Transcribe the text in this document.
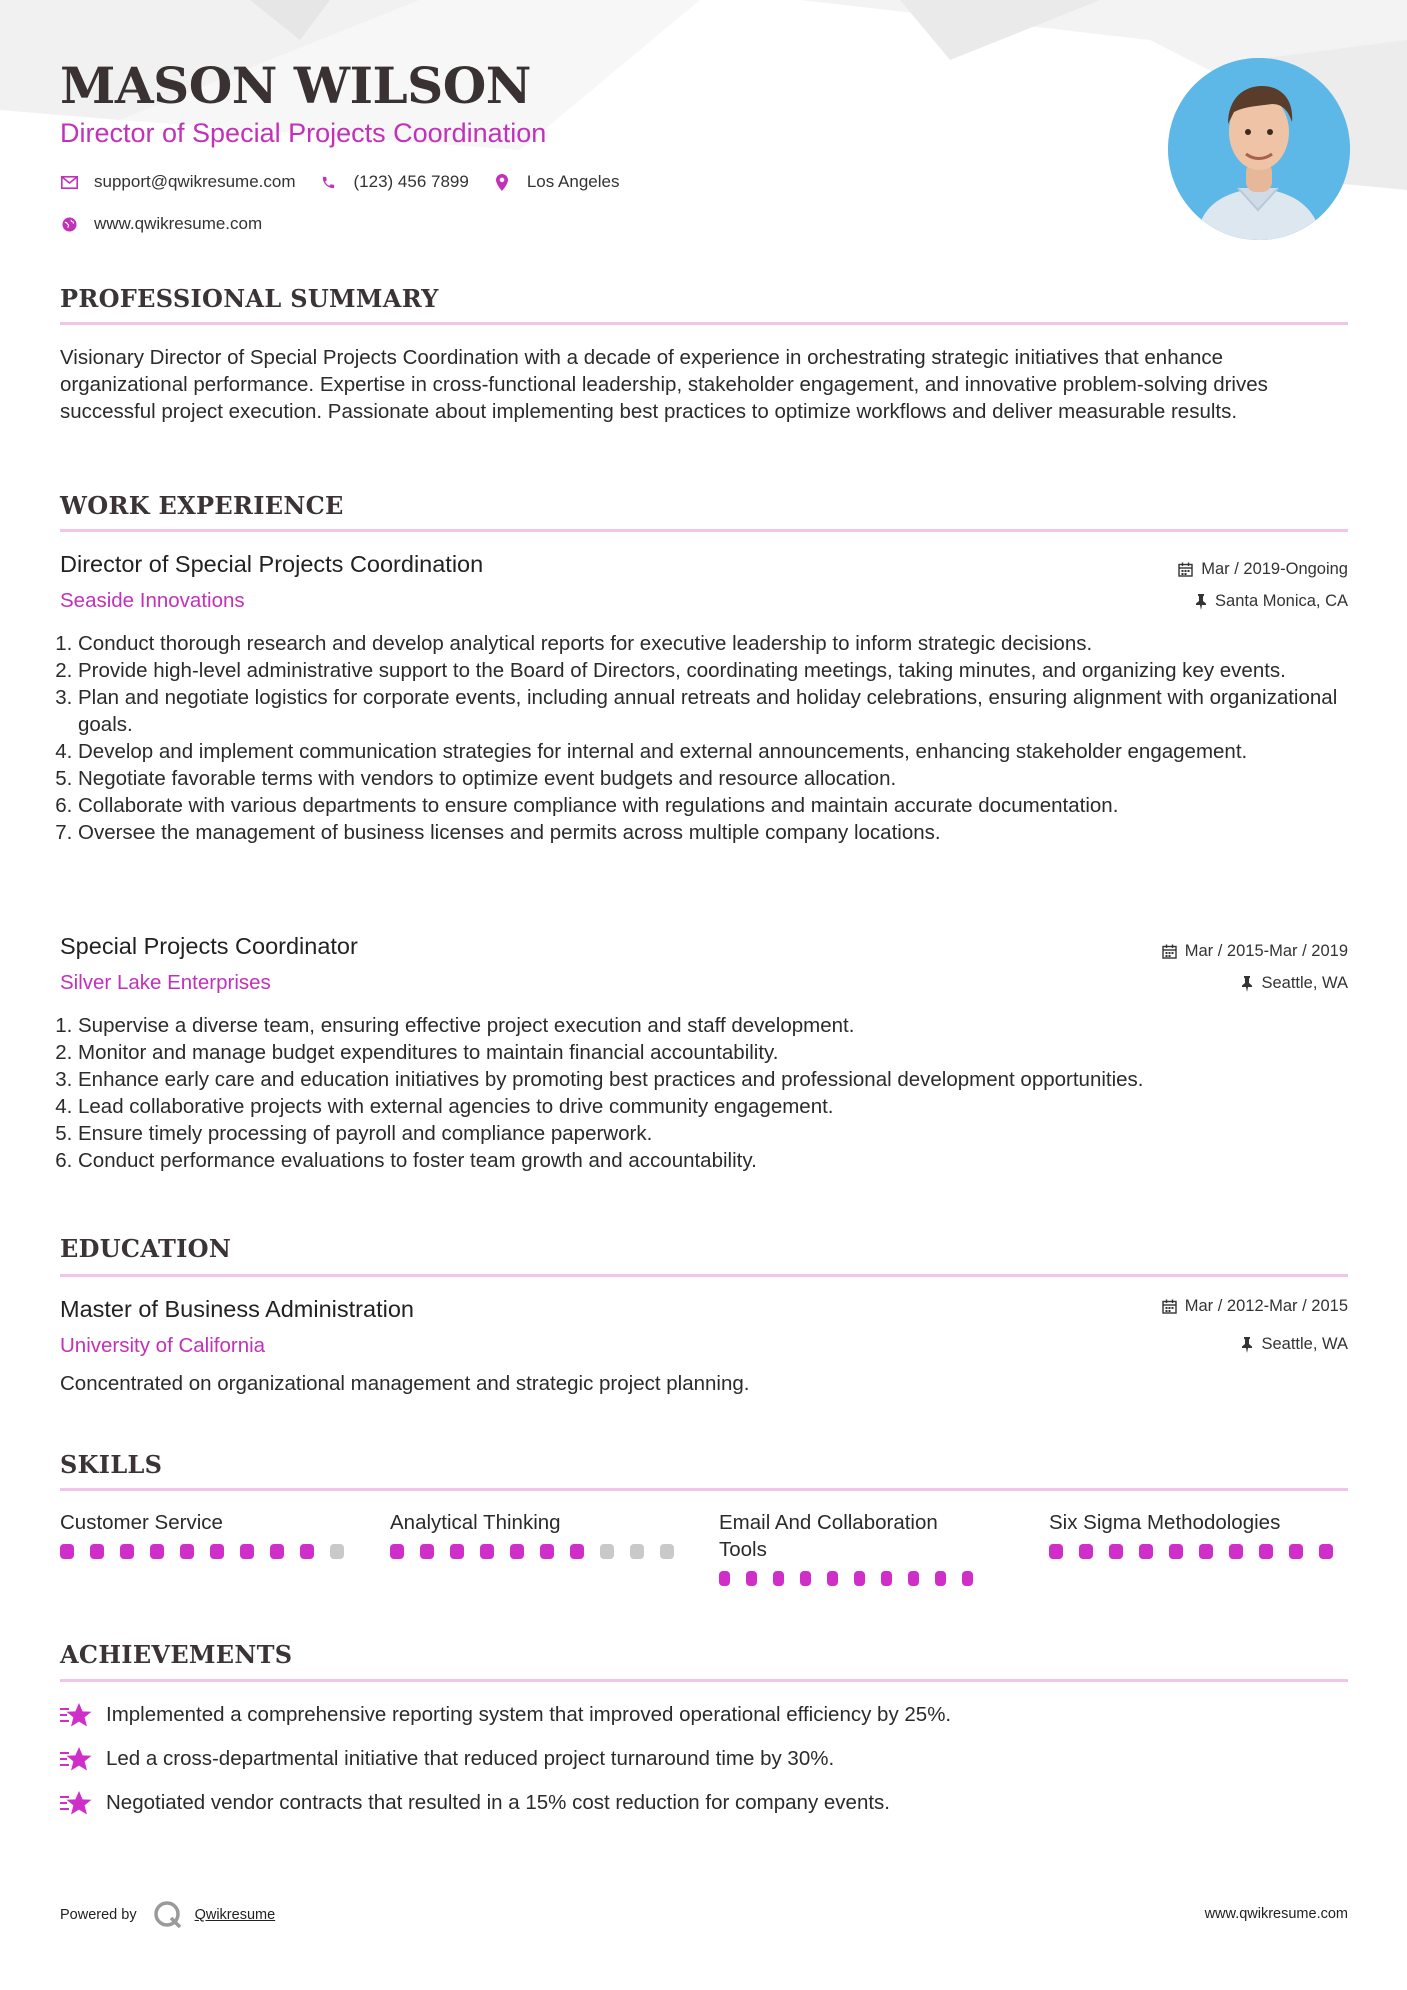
MASON WILSON
Director of Special Projects Coordination
support@qwikresume.com	(123) 456 7899	Los Angeles
www.qwikresume.com
PROFESSIONAL SUMMARY
Visionary Director of Special Projects Coordination with a decade of experience in orchestrating strategic initiatives that enhance organizational performance. Expertise in cross-functional leadership, stakeholder engagement, and innovative problem-solving drives successful project execution. Passionate about implementing best practices to optimize workflows and deliver measurable results.
WORK EXPERIENCE
Director of Special Projects Coordination	Mar / 2019-Ongoing
Seaside Innovations	Santa Monica, CA
1. Conduct thorough research and develop analytical reports for executive leadership to inform strategic decisions.
2. Provide high-level administrative support to the Board of Directors, coordinating meetings, taking minutes, and organizing key events.
3. Plan and negotiate logistics for corporate events, including annual retreats and holiday celebrations, ensuring alignment with organizational goals.
4. Develop and implement communication strategies for internal and external announcements, enhancing stakeholder engagement.
5. Negotiate favorable terms with vendors to optimize event budgets and resource allocation.
6. Collaborate with various departments to ensure compliance with regulations and maintain accurate documentation.
7. Oversee the management of business licenses and permits across multiple company locations.
Special Projects Coordinator	Mar / 2015-Mar / 2019
Silver Lake Enterprises	Seattle, WA
1. Supervise a diverse team, ensuring effective project execution and staff development.
2. Monitor and manage budget expenditures to maintain financial accountability.
3. Enhance early care and education initiatives by promoting best practices and professional development opportunities.
4. Lead collaborative projects with external agencies to drive community engagement.
5. Ensure timely processing of payroll and compliance paperwork.
6. Conduct performance evaluations to foster team growth and accountability.
EDUCATION
Master of Business Administration	Mar / 2012-Mar / 2015
University of California	Seattle, WA
Concentrated on organizational management and strategic project planning.
SKILLS
Customer Service	Analytical Thinking	Email And Collaboration Tools
Six Sigma Methodologies
ACHIEVEMENTS
Implemented a comprehensive reporting system that improved operational efficiency by 25%.
Led a cross-departmental initiative that reduced project turnaround time by 30%.
Negotiated vendor contracts that resulted in a 15% cost reduction for company events.
Powered by	Qwikresume	www.qwikresume.com
